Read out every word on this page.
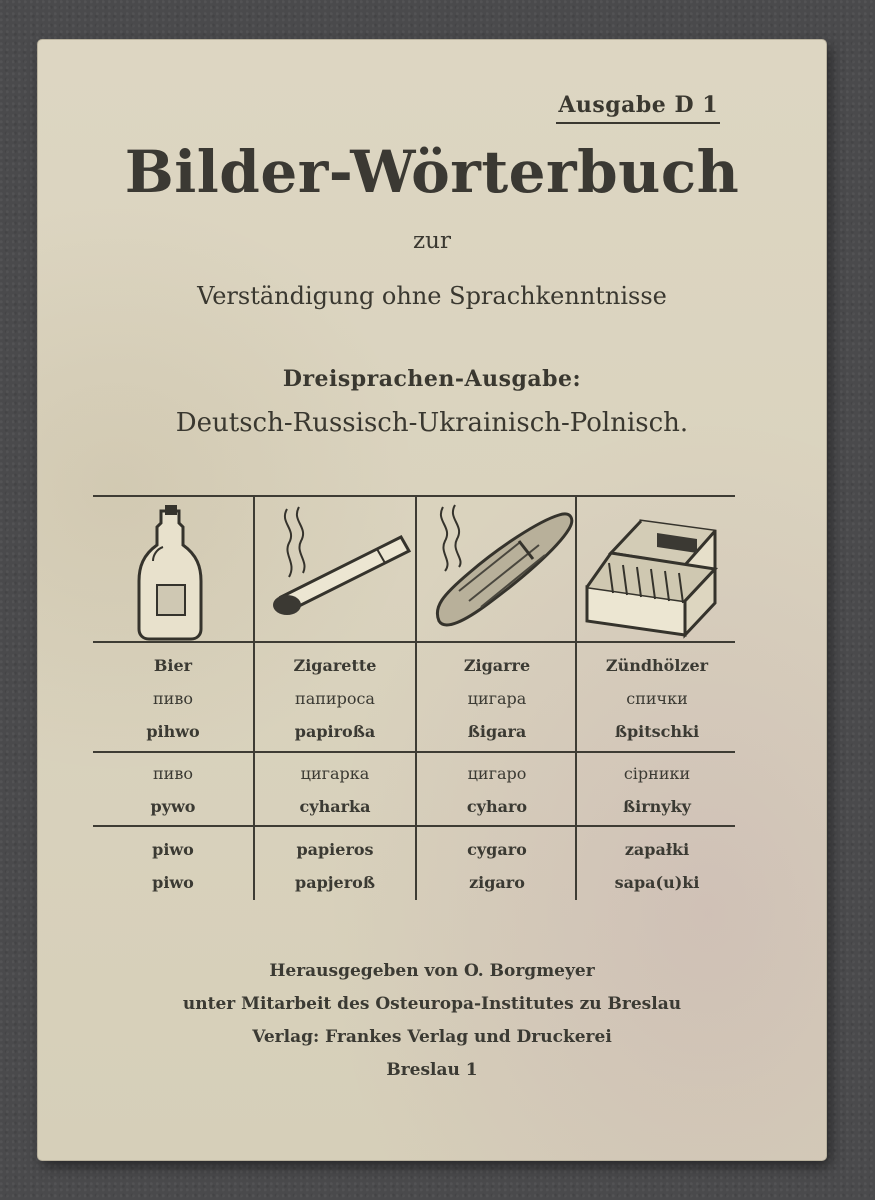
Ausgabe D 1
Bilder-Wörterbuch
zur
Verständigung ohne Sprachkenntnisse
Dreisprachen-Ausgabe:
Deutsch-Russisch-Ukrainisch-Polnisch.
Bier
пиво
pihwo
Zigarette
папироса
papiroßa
Zigarre
цигара
ßigara
Zündhölzer
спички
ßpitschki
пиво
pywo
цигарка
cyharka
цигаро
cyharo
сірники
ßirnyky
piwo
piwo
papieros
papjeroß
cygaro
zigaro
zapałki
sapa(u)ki
Herausgegeben von O. Borgmeyer
unter Mitarbeit des Osteuropa-Institutes zu Breslau
Verlag: Frankes Verlag und Druckerei
Breslau 1
